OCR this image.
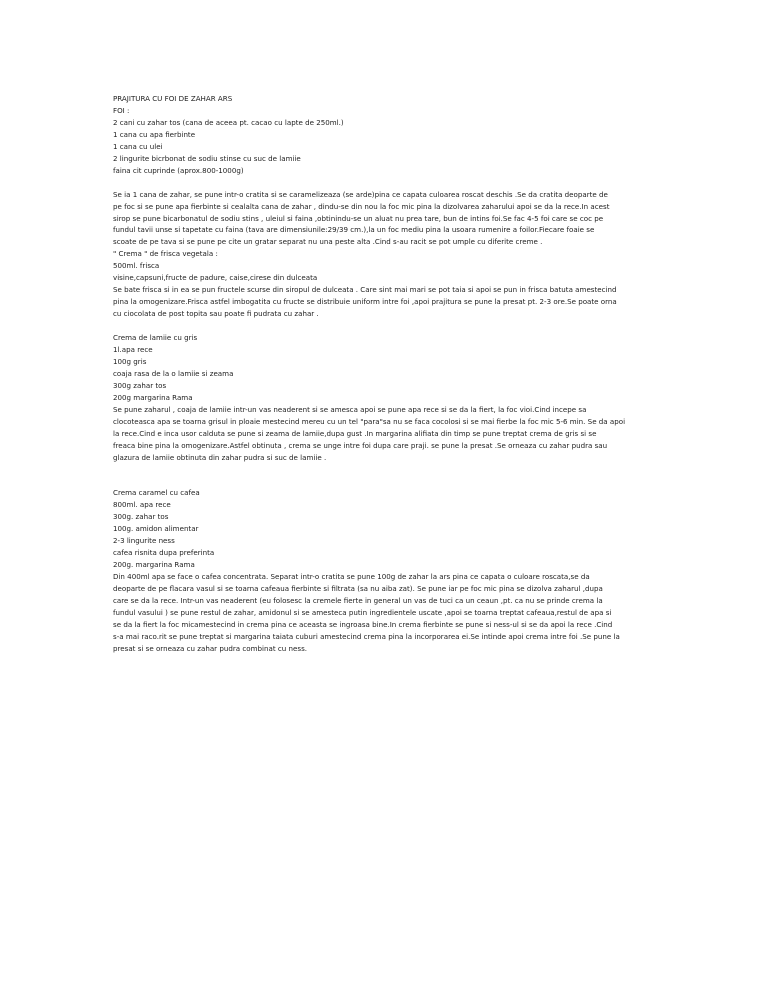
PRAJITURA CU FOI DE ZAHAR ARS
FOI :
2 cani cu zahar tos (cana de aceea pt. cacao cu lapte de 250ml.)
1 cana cu apa fierbinte
1 cana cu ulei
2 lingurite bicrbonat de sodiu stinse cu suc de lamiie
faina cit cuprinde (aprox.800-1000g)
Se ia 1 cana de zahar, se pune intr-o cratita si se caramelizeaza (se arde)pina ce capata culoarea roscat deschis .Se da cratita deoparte de
pe foc si se pune apa fierbinte si cealalta cana de zahar , dindu-se din nou la foc mic pina la dizolvarea zaharului apoi se da la rece.In acest
sirop se pune bicarbonatul de sodiu stins , uleiul si faina ,obtinindu-se un aluat nu prea tare, bun de intins foi.Se fac 4-5 foi care se coc pe
fundul tavii unse si tapetate cu faina (tava are dimensiunile:29/39 cm.),la un foc mediu pina la usoara rumenire a foilor.Fiecare foaie se
scoate de pe tava si se pune pe cite un gratar separat nu una peste alta .Cind s-au racit se pot umple cu diferite creme .
" Crema " de frisca vegetala :
500ml. frisca
visine,capsuni,fructe de padure, caise,cirese din dulceata
Se bate frisca si in ea se pun fructele scurse din siropul de dulceata . Care sint mai mari se pot taia si apoi se pun in frisca batuta amestecind
pina la omogenizare.Frisca astfel imbogatita cu fructe se distribuie uniform intre foi ,apoi prajitura se pune la presat pt. 2-3 ore.Se poate orna
cu ciocolata de post topita sau poate fi pudrata cu zahar .
Crema de lamiie cu gris
1l.apa rece
100g gris
coaja rasa de la o lamiie si zeama
300g zahar tos
200g margarina Rama
Se pune zaharul , coaja de lamiie intr-un vas neaderent si se amesca apoi se pune apa rece si se da la fiert, la foc vioi.Cind incepe sa
clocoteasca apa se toarna grisul in ploaie mestecind mereu cu un tel "para"sa nu se faca cocolosi si se mai fierbe la foc mic 5-6 min. Se da apoi
la rece.Cind e inca usor calduta se pune si zeama de lamiie,dupa gust .In margarina alifiata din timp se pune treptat crema de gris si se
freaca bine pina la omogenizare.Astfel obtinuta , crema se unge intre foi dupa care praji. se pune la presat .Se orneaza cu zahar pudra sau
glazura de lamiie obtinuta din zahar pudra si suc de lamiie .
Crema caramel cu cafea
800ml. apa rece
300g. zahar tos
100g. amidon alimentar
2-3 lingurite ness
cafea risnita dupa preferinta
200g. margarina Rama
Din 400ml apa se face o cafea concentrata. Separat intr-o cratita se pune 100g de zahar la ars pina ce capata o culoare roscata,se da
deoparte de pe flacara vasul si se toarna cafeaua fierbinte si filtrata (sa nu aiba zat). Se pune iar pe foc mic pina se dizolva zaharul ,dupa
care se da la rece. Intr-un vas neaderent (eu folosesc la cremele fierte in general un vas de tuci ca un ceaun ,pt. ca nu se prinde crema la
fundul vasului ) se pune restul de zahar, amidonul si se amesteca putin ingredientele uscate ,apoi se toarna treptat cafeaua,restul de apa si
se da la fiert la foc micamestecind in crema pina ce aceasta se ingroasa bine.In crema fierbinte se pune si ness-ul si se da apoi la rece .Cind
s-a mai raco.rit se pune treptat si margarina taiata cuburi amestecind crema pina la incorporarea ei.Se intinde apoi crema intre foi .Se pune la
presat si se orneaza cu zahar pudra combinat cu ness.
